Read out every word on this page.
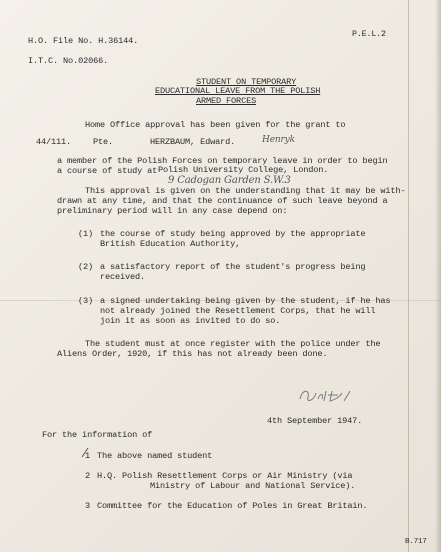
P.E.L.2
H.O. File No. H.36144.
I.T.C. No.02066.
STUDENT ON TEMPORARY
EDUCATIONAL LEAVE FROM THE POLISH
ARMED FORCES
Home Office approval has been given for the grant to
44/111.	Pte.	HERZBAUM, Edward.	Henryk
a member of the Polish Forces on temporary leave in order to begin
a course of study at Polish University College, London.
9 Cadogan Garden S.W.3
This approval is given on the understanding that it may be with-
drawn at any time, and that the continuance of such leave beyond a
preliminary period will in any case depend on:
(1) the course of study being approved by the appropriate
British Education Authority,
(2) a satisfactory report of the student's progress being
received.
(3) a signed undertaking being given by the student, if he has
not already joined the Resettlement Corps, that he will
join it as soon as invited to do so.
The student must at once register with the police under the
Aliens Order, 1920, if this has not already been done.
4th September 1947.
For the information of
1 The above named student
2 H.Q. Polish Resettlement Corps or Air Ministry (via
Ministry of Labour and National Service).
3 Committee for the Education of Poles in Great Britain.
B.717
